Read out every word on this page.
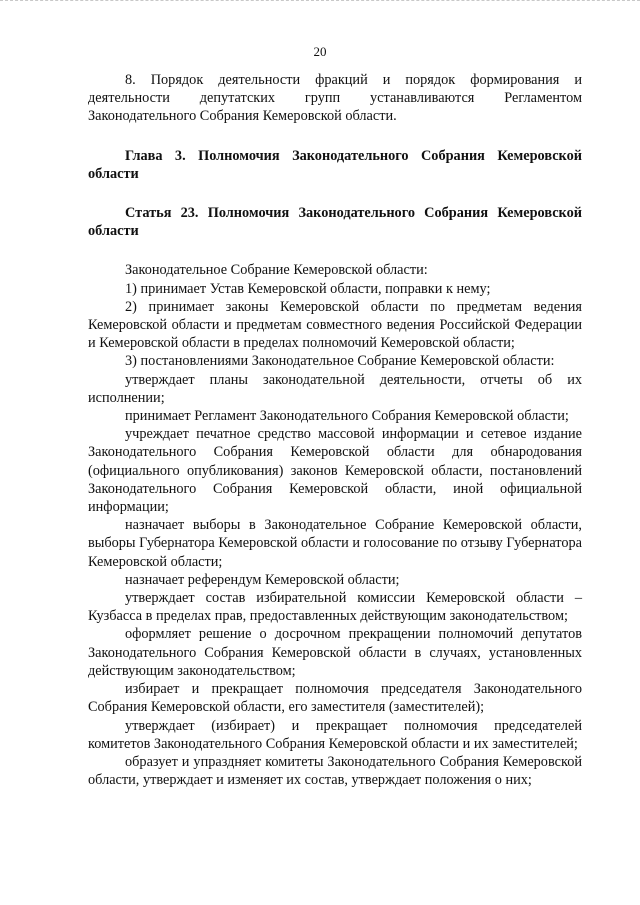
20

8. Порядок деятельности фракций и порядок формирования и деятельности депутатских групп устанавливаются Регламентом Законодательного Собрания Кемеровской области.

Глава 3. Полномочия Законодательного Собрания Кемеровской области

Статья 23. Полномочия Законодательного Собрания Кемеровской области

Законодательное Собрание Кемеровской области:

1) принимает Устав Кемеровской области, поправки к нему;

2) принимает законы Кемеровской области по предметам ведения Кемеровской области и предметам совместного ведения Российской Федерации и Кемеровской области в пределах полномочий Кемеровской области;

3) постановлениями Законодательное Собрание Кемеровской области:

утверждает планы законодательной деятельности, отчеты об их исполнении;

принимает Регламент Законодательного Собрания Кемеровской области;

учреждает печатное средство массовой информации и сетевое издание Законодательного Собрания Кемеровской области для обнародования (официального опубликования) законов Кемеровской области, постановлений Законодательного Собрания Кемеровской области, иной официальной информации;

назначает выборы в Законодательное Собрание Кемеровской области, выборы Губернатора Кемеровской области и голосование по отзыву Губернатора Кемеровской области;

назначает референдум Кемеровской области;

утверждает состав избирательной комиссии Кемеровской области – Кузбасса в пределах прав, предоставленных действующим законодательством;

оформляет решение о досрочном прекращении полномочий депутатов Законодательного Собрания Кемеровской области в случаях, установленных действующим законодательством;

избирает и прекращает полномочия председателя Законодательного Собрания Кемеровской области, его заместителя (заместителей);

утверждает (избирает) и прекращает полномочия председателей комитетов Законодательного Собрания Кемеровской области и их заместителей;

образует и упраздняет комитеты Законодательного Собрания Кемеровской области, утверждает и изменяет их состав, утверждает положения о них;
